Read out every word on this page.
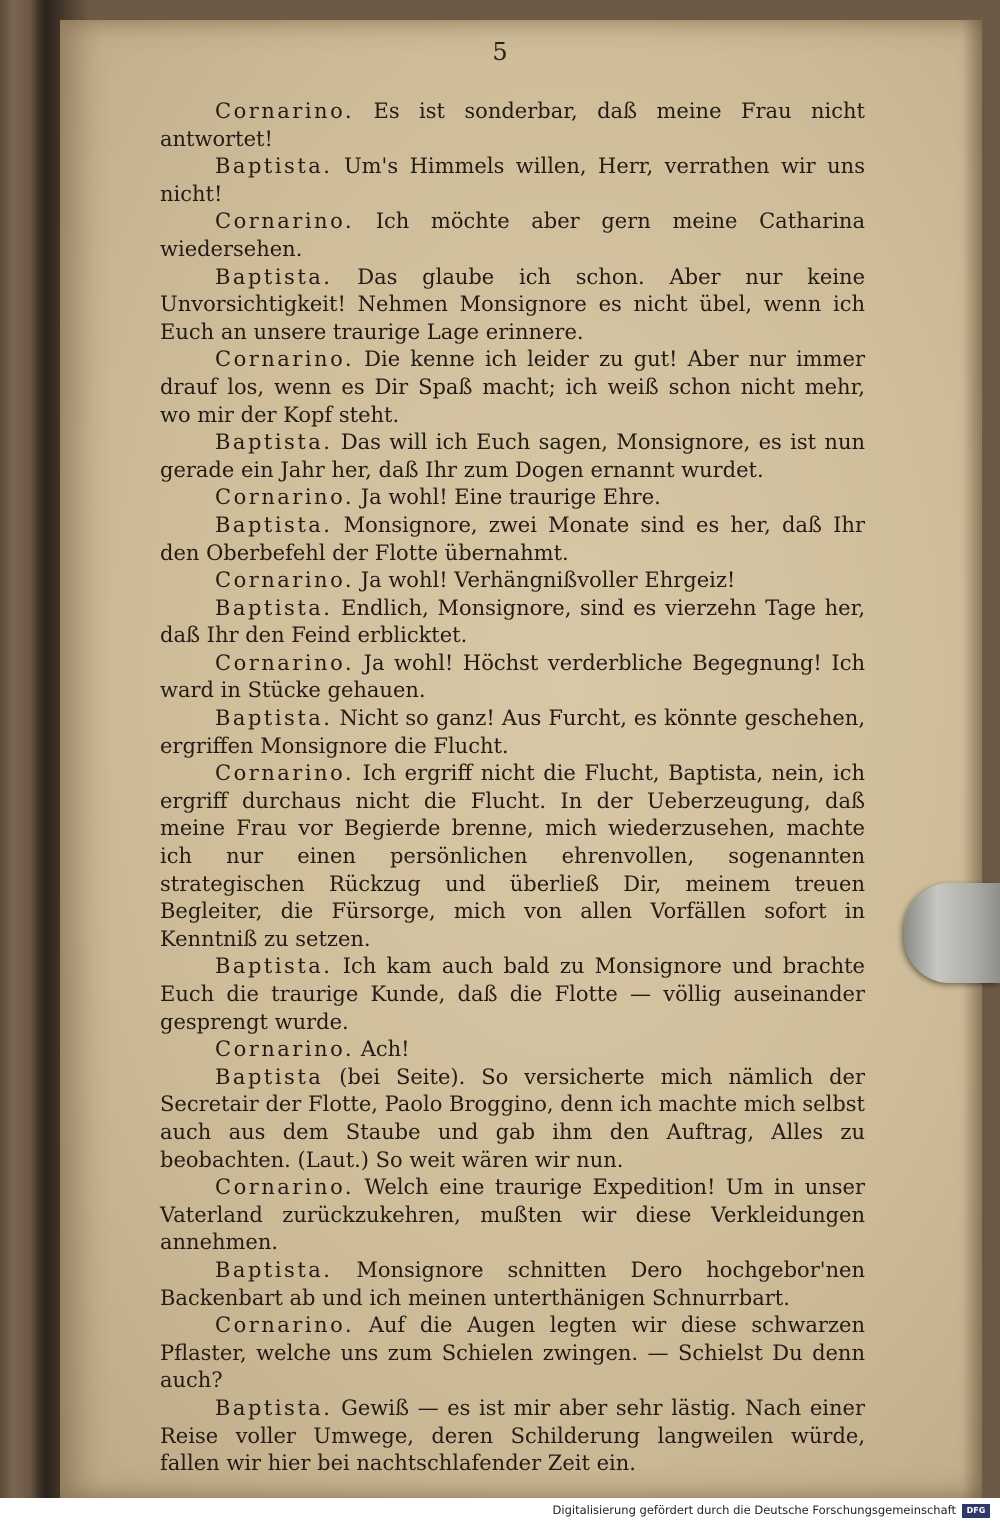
5

Cornarino. Es ist sonderbar, daß meine Frau nicht antwortet!

Baptista. Um's Himmels willen, Herr, verrathen wir uns nicht!

Cornarino. Ich möchte aber gern meine Catharina wiedersehen.

Baptista. Das glaube ich schon. Aber nur keine Unvorsichtigkeit! Nehmen Monsignore es nicht übel, wenn ich Euch an unsere traurige Lage erinnere.

Cornarino. Die kenne ich leider zu gut! Aber nur immer drauf los, wenn es Dir Spaß macht; ich weiß schon nicht mehr, wo mir der Kopf steht.

Baptista. Das will ich Euch sagen, Monsignore, es ist nun gerade ein Jahr her, daß Ihr zum Dogen ernannt wurdet.

Cornarino. Ja wohl! Eine traurige Ehre.

Baptista. Monsignore, zwei Monate sind es her, daß Ihr den Oberbefehl der Flotte übernahmt.

Cornarino. Ja wohl! Verhängnißvoller Ehrgeiz!

Baptista. Endlich, Monsignore, sind es vierzehn Tage her, daß Ihr den Feind erblicktet.

Cornarino. Ja wohl! Höchst verderbliche Begegnung! Ich ward in Stücke gehauen.

Baptista. Nicht so ganz! Aus Furcht, es könnte geschehen, ergriffen Monsignore die Flucht.

Cornarino. Ich ergriff nicht die Flucht, Baptista, nein, ich ergriff durchaus nicht die Flucht. In der Ueberzeugung, daß meine Frau vor Begierde brenne, mich wiederzusehen, machte ich nur einen persönlichen ehrenvollen, sogenannten strategischen Rückzug und überließ Dir, meinem treuen Begleiter, die Fürsorge, mich von allen Vorfällen sofort in Kenntniß zu setzen.

Baptista. Ich kam auch bald zu Monsignore und brachte Euch die traurige Kunde, daß die Flotte — völlig auseinander gesprengt wurde.

Cornarino. Ach!

Baptista (bei Seite). So versicherte mich nämlich der Secretair der Flotte, Paolo Broggino, denn ich machte mich selbst auch aus dem Staube und gab ihm den Auftrag, Alles zu beobachten. (Laut.) So weit wären wir nun.

Cornarino. Welch eine traurige Expedition! Um in unser Vaterland zurückzukehren, mußten wir diese Verkleidungen annehmen.

Baptista. Monsignore schnitten Dero hochgebor'nen Backenbart ab und ich meinen unterthänigen Schnurrbart.

Cornarino. Auf die Augen legten wir diese schwarzen Pflaster, welche uns zum Schielen zwingen. — Schielst Du denn auch?

Baptista. Gewiß — es ist mir aber sehr lästig. Nach einer Reise voller Umwege, deren Schilderung langweilen würde, fallen wir hier bei nachtschlafender Zeit ein.

Digitalisierung gefördert durch die Deutsche Forschungsgemeinschaft	DFG
